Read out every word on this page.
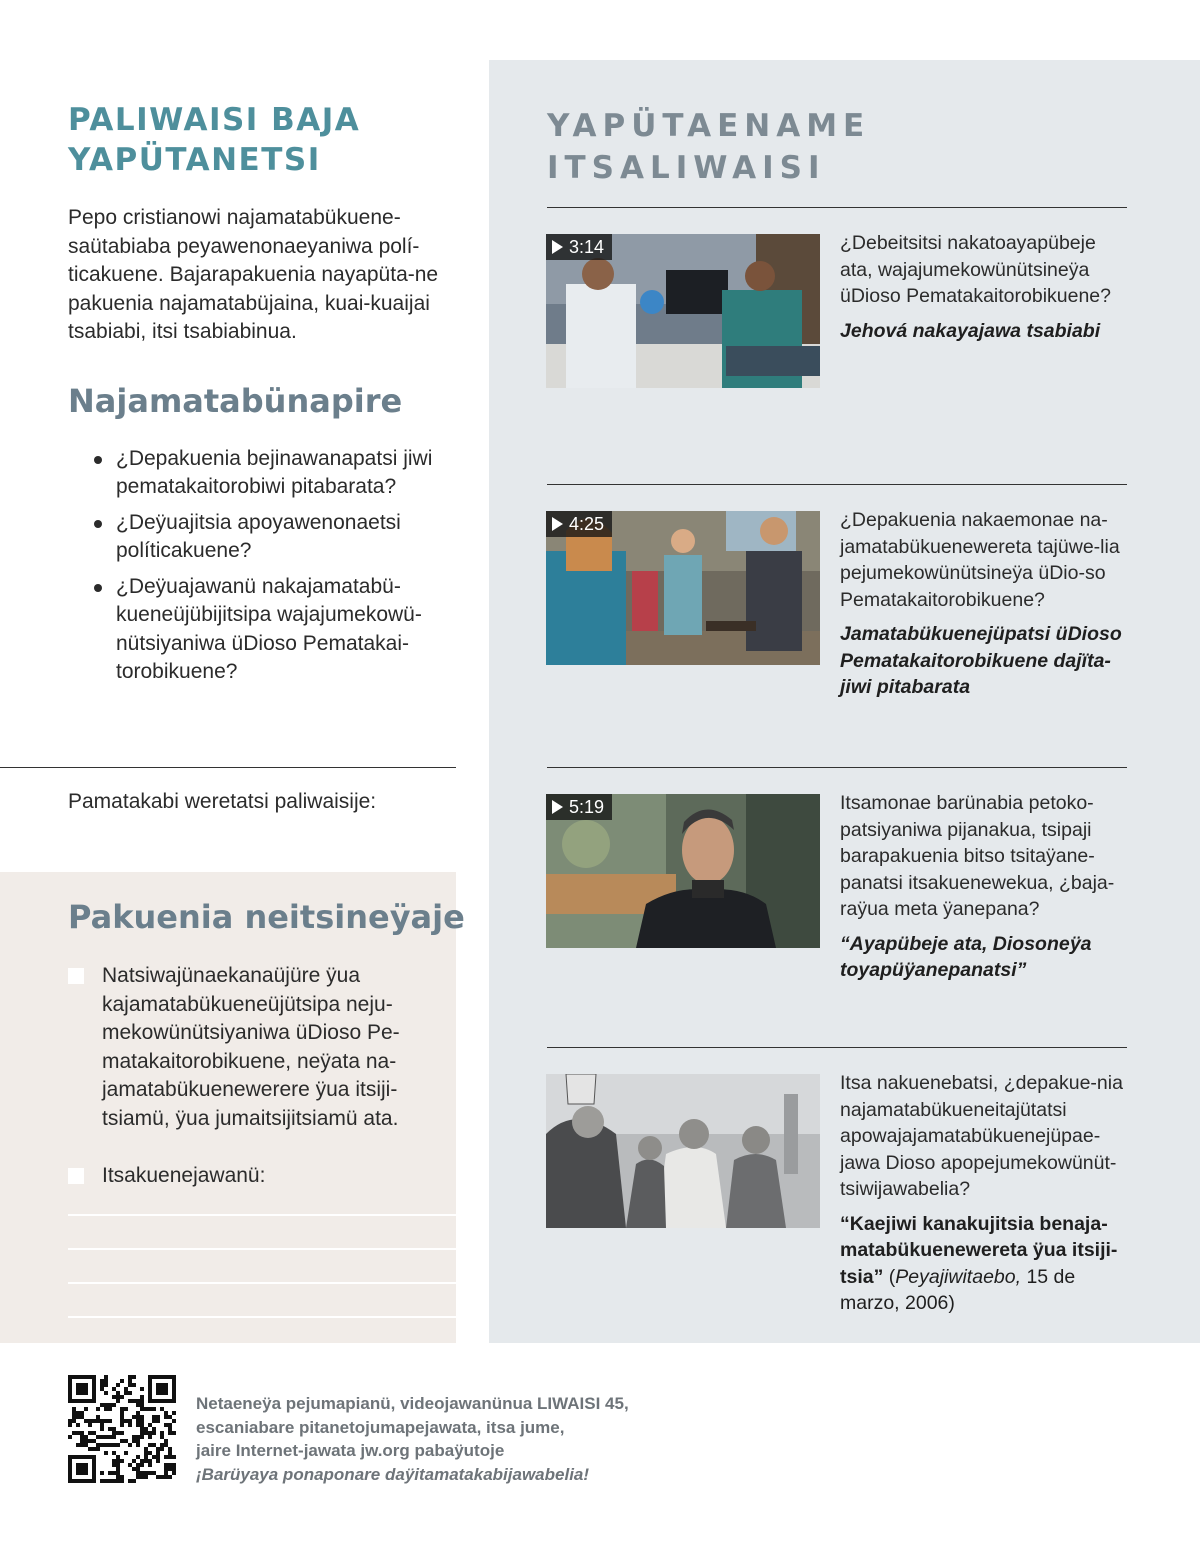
PALIWAISI BAJA YAPÜTANETSI

Pepo cristianowi najamatabükuene-saütabiaba peyawenonaeyaniwa polí-ticakuene. Bajarapakuenia nayapüta-ne pakuenia najamatabüjaina, kuai-kuaijai tsabiabi, itsi tsabiabinua.

Najamatabünapire
¿Depakuenia bejinawanapatsi jiwi pematakaitorobiwi pitabarata?
¿Deÿuajitsia apoyawenonaetsi políticakuene?
¿Deÿuajawanü nakajamatabü-kueneüjübijitsipa wajajumekowü-nütsiyaniwa üDioso Pematakai-torobikuene?
Pamatakabi weretatsi paliwaisije:
Pakuenia neitsineÿaje
Natsiwajünaekanaüjüre ÿua kajamatabükueneüjütsipa neju-mekowünütsiyaniwa üDioso Pe-matakaitorobikuene, neÿata na-jamatabükuenewerere ÿua itsiji-tsiamü, ÿua jumaitsijitsiamü ata.
Itsakuenejawanü:
YAPÜTAENAME ITSALIWAISI
3:14	¿Debeitsitsi nakatoayapübeje ata, wajajumekowünütsineÿa üDioso Pematakaitorobikuene?

Jehová nakayajawa tsabiabi

4:25	¿Depakuenia nakaemonae na-jamatabükuenewereta tajüwe-lia pejumekowünütsineÿa üDio-so Pematakaitorobikuene?

Jamatabükuenejüpatsi üDioso Pematakaitorobikuene dajïta-jiwi pitabarata

5:19	Itsamonae barünabia petoko-patsiyaniwa pijanakua, tsipaji barapakuenia bitso tsitaÿane-panatsi itsakuenewekua, ¿baja-raÿua meta ÿanepana?

“Ayapübeje ata, Diosoneÿa toyapüÿanepanatsi”

Itsa nakuenebatsi, ¿depakue-nia najamatabükueneitajütatsi apowajajamatabükuenejüpae-jawa Dioso apopejumekowünüt-tsiwijawabelia?

“Kaejiwi kanakujitsia benaja-matabükuenewereta ÿua itsiji-tsia” (Peyajiwitaebo, 15 de marzo, 2006)

Netaeneÿa pejumapianü, videojawanünua LIWAISI 45,
escaniabare pitanetojumapejawata, itsa jume,
jaire Internet-jawata jw.org pabaÿutoje
¡Barüyaya ponaponare daÿitamatakabijawabelia!
